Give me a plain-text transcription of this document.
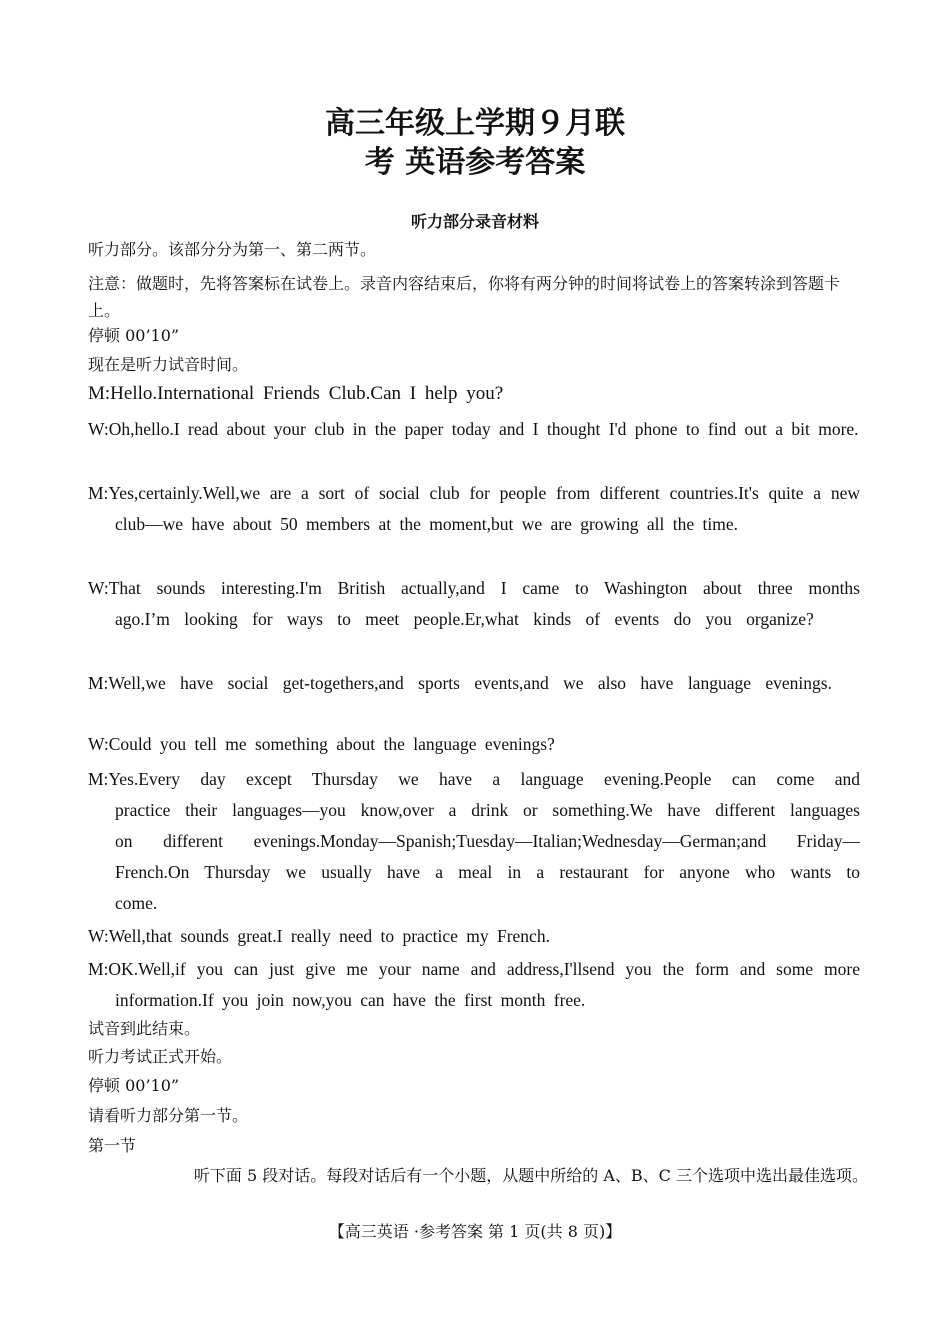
高三年级上学期９月联
考 英语参考答案
听力部分录音材料
听力部分。该部分分为第一、第二两节。
注意：做题时，先将答案标在试卷上。录音内容结束后，你将有两分钟的时间将试卷上的答案转涂到答题卡上。
停顿 00’10”
现在是听力试音时间。
M:Hello.International Friends Club.Can I help you?
W:Oh,hello.I read about your club in the paper today and I thought I'd phone to find out a bit more.
M:Yes,certainly.Well,we are a sort of social club for people from different countries.It's quite a new club—we have about 50 members at the moment,but we are growing all the time.
W:That sounds interesting.I'm British actually,and I came to Washington about three months ago.I’m looking for ways to meet people.Er,what kinds of events do you organize?
M:Well,we have social get-togethers,and sports events,and we also have language evenings.
W:Could you tell me something about the language evenings?
M:Yes.Every day except Thursday we have a language evening.People can come and practice their languages—you know,over a drink or something.We have different languages on different evenings.Monday—Spanish;Tuesday—Italian;Wednesday—German;and Friday—French.On Thursday we usually have a meal in a restaurant for anyone who wants to come.
W:Well,that sounds great.I really need to practice my French.
M:OK.Well,if you can just give me your name and address,I'llsend you the form and some more information.If you join now,you can have the first month free.
试音到此结束。
听力考试正式开始。
停顿 00’10”
请看听力部分第一节。
第一节
听下面 5 段对话。每段对话后有一个小题，从题中所给的 A、B、C 三个选项中选出最佳选项。
【高三英语 ·参考答案 第 1 页(共 8 页)】
